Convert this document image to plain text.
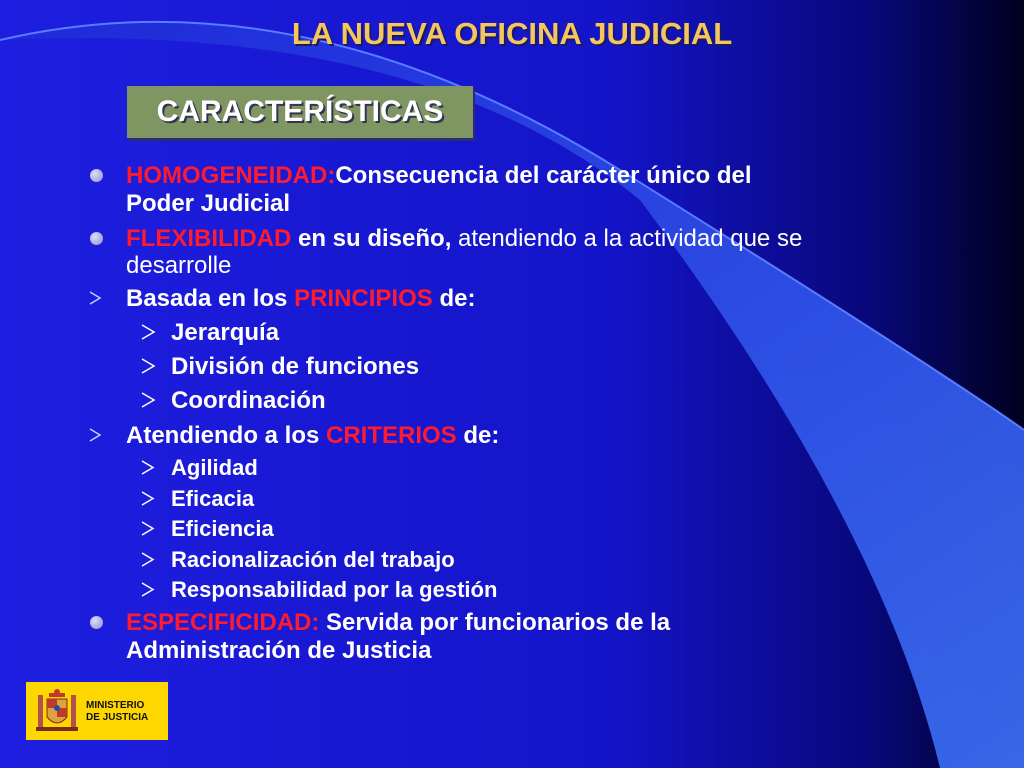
LA NUEVA OFICINA JUDICIAL
CARACTERÍSTICAS
HOMOGENEIDAD:Consecuencia del carácter único del
Poder Judicial
FLEXIBILIDAD en su diseño, atendiendo a la actividad que se
desarrolle
Basada en los PRINCIPIOS de:
Jerarquía
División de funciones
Coordinación
Atendiendo a los CRITERIOS de:
Agilidad
Eficacia
Eficiencia
Racionalización del trabajo
Responsabilidad por la gestión
ESPECIFICIDAD: Servida por funcionarios de la
Administración de Justicia
MINISTERIO
DE JUSTICIA
